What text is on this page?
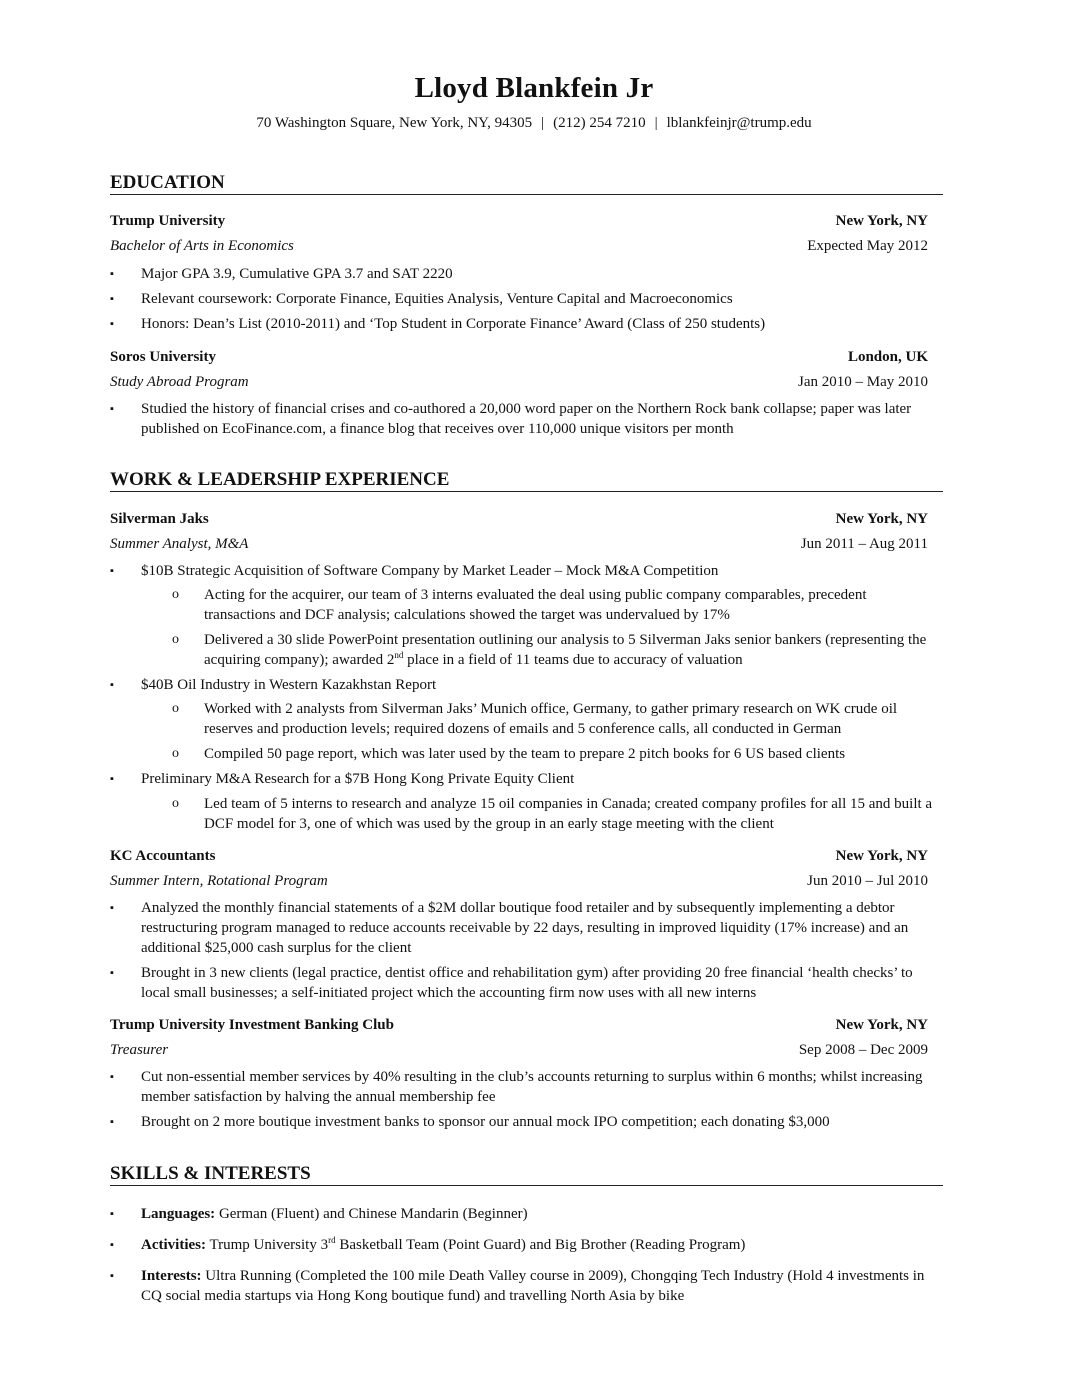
Lloyd Blankfein Jr
70 Washington Square, New York, NY, 94305 | (212) 254 7210 | lblankfeinjr@trump.edu
EDUCATION
Trump University	New York, NY
Bachelor of Arts in Economics	Expected May 2012
▪	Major GPA 3.9, Cumulative GPA 3.7 and SAT 2220
▪	Relevant coursework: Corporate Finance, Equities Analysis, Venture Capital and Macroeconomics
▪	Honors: Dean’s List (2010-2011) and ‘Top Student in Corporate Finance’ Award (Class of 250 students)
Soros University	London, UK
Study Abroad Program	Jan 2010 – May 2010
▪	Studied the history of financial crises and co-authored a 20,000 word paper on the Northern Rock bank collapse; paper was later
published on EcoFinance.com, a finance blog that receives over 110,000 unique visitors per month
WORK & LEADERSHIP EXPERIENCE
Silverman Jaks	New York, NY
Summer Analyst, M&A	Jun 2011 – Aug 2011
▪	$10B Strategic Acquisition of Software Company by Market Leader – Mock M&A Competition
o Acting for the acquirer, our team of 3 interns evaluated the deal using public company comparables, precedent
transactions and DCF analysis; calculations showed the target was undervalued by 17%
o Delivered a 30 slide PowerPoint presentation outlining our analysis to 5 Silverman Jaks senior bankers (representing the
acquiring company); awarded 2nd place in a field of 11 teams due to accuracy of valuation
▪	$40B Oil Industry in Western Kazakhstan Report
o Worked with 2 analysts from Silverman Jaks’ Munich office, Germany, to gather primary research on WK crude oil
reserves and production levels; required dozens of emails and 5 conference calls, all conducted in German
o Compiled 50 page report, which was later used by the team to prepare 2 pitch books for 6 US based clients
▪	Preliminary M&A Research for a $7B Hong Kong Private Equity Client
o Led team of 5 interns to research and analyze 15 oil companies in Canada; created company profiles for all 15 and built a
DCF model for 3, one of which was used by the group in an early stage meeting with the client
KC Accountants	New York, NY
Summer Intern, Rotational Program	Jun 2010 – Jul 2010
▪	Analyzed the monthly financial statements of a $2M dollar boutique food retailer and by subsequently implementing a debtor
restructuring program managed to reduce accounts receivable by 22 days, resulting in improved liquidity (17% increase) and an
additional $25,000 cash surplus for the client
▪	Brought in 3 new clients (legal practice, dentist office and rehabilitation gym) after providing 20 free financial ‘health checks’ to
local small businesses; a self-initiated project which the accounting firm now uses with all new interns
Trump University Investment Banking Club	New York, NY
Treasurer	Sep 2008 – Dec 2009
▪	Cut non-essential member services by 40% resulting in the club’s accounts returning to surplus within 6 months; whilst increasing
member satisfaction by halving the annual membership fee
▪	Brought on 2 more boutique investment banks to sponsor our annual mock IPO competition; each donating $3,000
SKILLS & INTERESTS
▪	Languages: German (Fluent) and Chinese Mandarin (Beginner)
▪	Activities: Trump University 3rd Basketball Team (Point Guard) and Big Brother (Reading Program)
▪	Interests: Ultra Running (Completed the 100 mile Death Valley course in 2009), Chongqing Tech Industry (Hold 4 investments in
CQ social media startups via Hong Kong boutique fund) and travelling North Asia by bike
